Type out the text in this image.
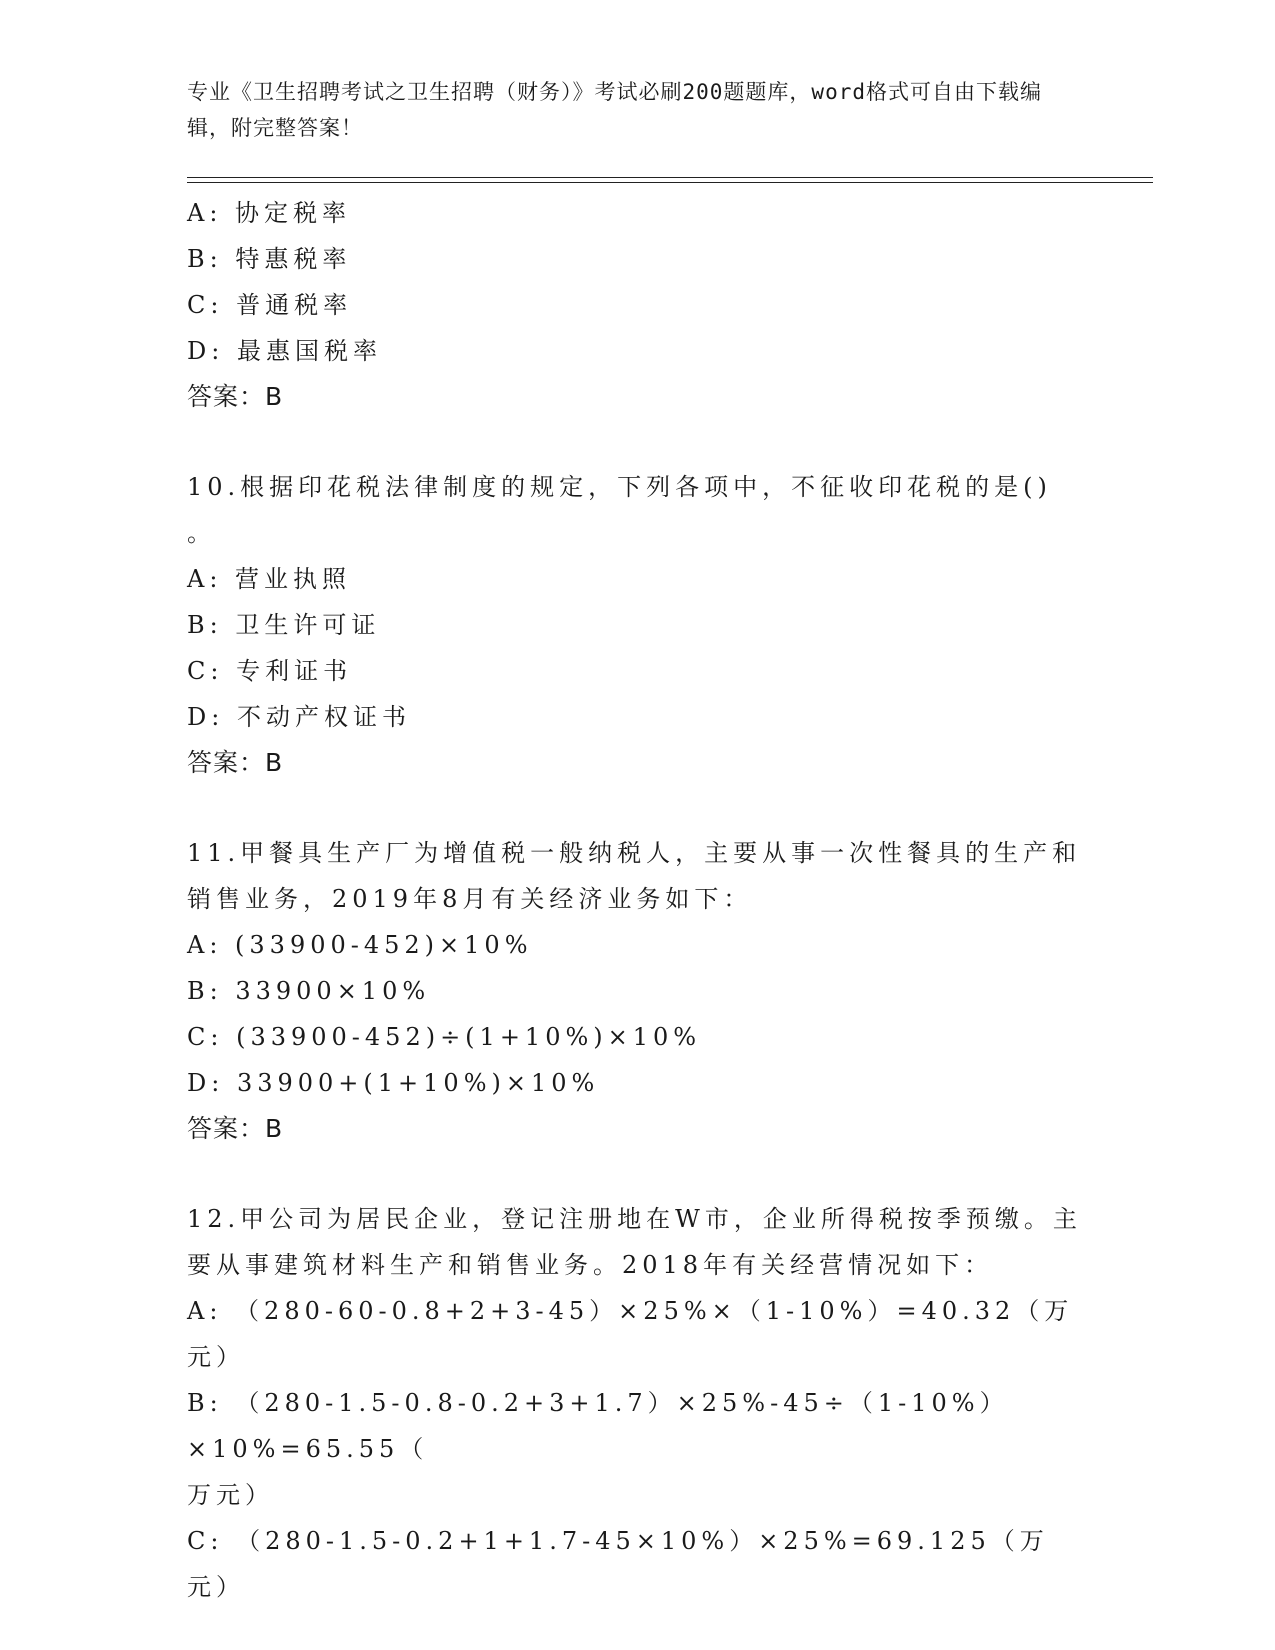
专业《卫生招聘考试之卫生招聘（财务）》考试必刷200题题库，word格式可自由下载编辑，附完整答案！
A: 协定税率
B: 特惠税率
C: 普通税率
D: 最惠国税率
答案：B
10.根据印花税法律制度的规定，下列各项中，不征收印花税的是()
。
A: 营业执照
B: 卫生许可证
C: 专利证书
D: 不动产权证书
答案：B
11.甲餐具生产厂为增值税一般纳税人，主要从事一次性餐具的生产和
销售业务，2019年8月有关经济业务如下：
A: (33900-452)×10%
B: 33900×10%
C: (33900-452)÷(1+10%)×10%
D: 33900+(1+10%)×10%
答案：B
12.甲公司为居民企业，登记注册地在W市，企业所得税按季预缴。主
要从事建筑材料生产和销售业务。2018年有关经营情况如下：
A: （280-60-0.8+2+3-45）×25%×（1-10%）=40.32（万元）
B: （280-1.5-0.8-0.2+3+1.7）×25%-45÷（1-10%）×10%=65.55（
万元）
C: （280-1.5-0.2+1+1.7-45×10%）×25%=69.125（万元）
